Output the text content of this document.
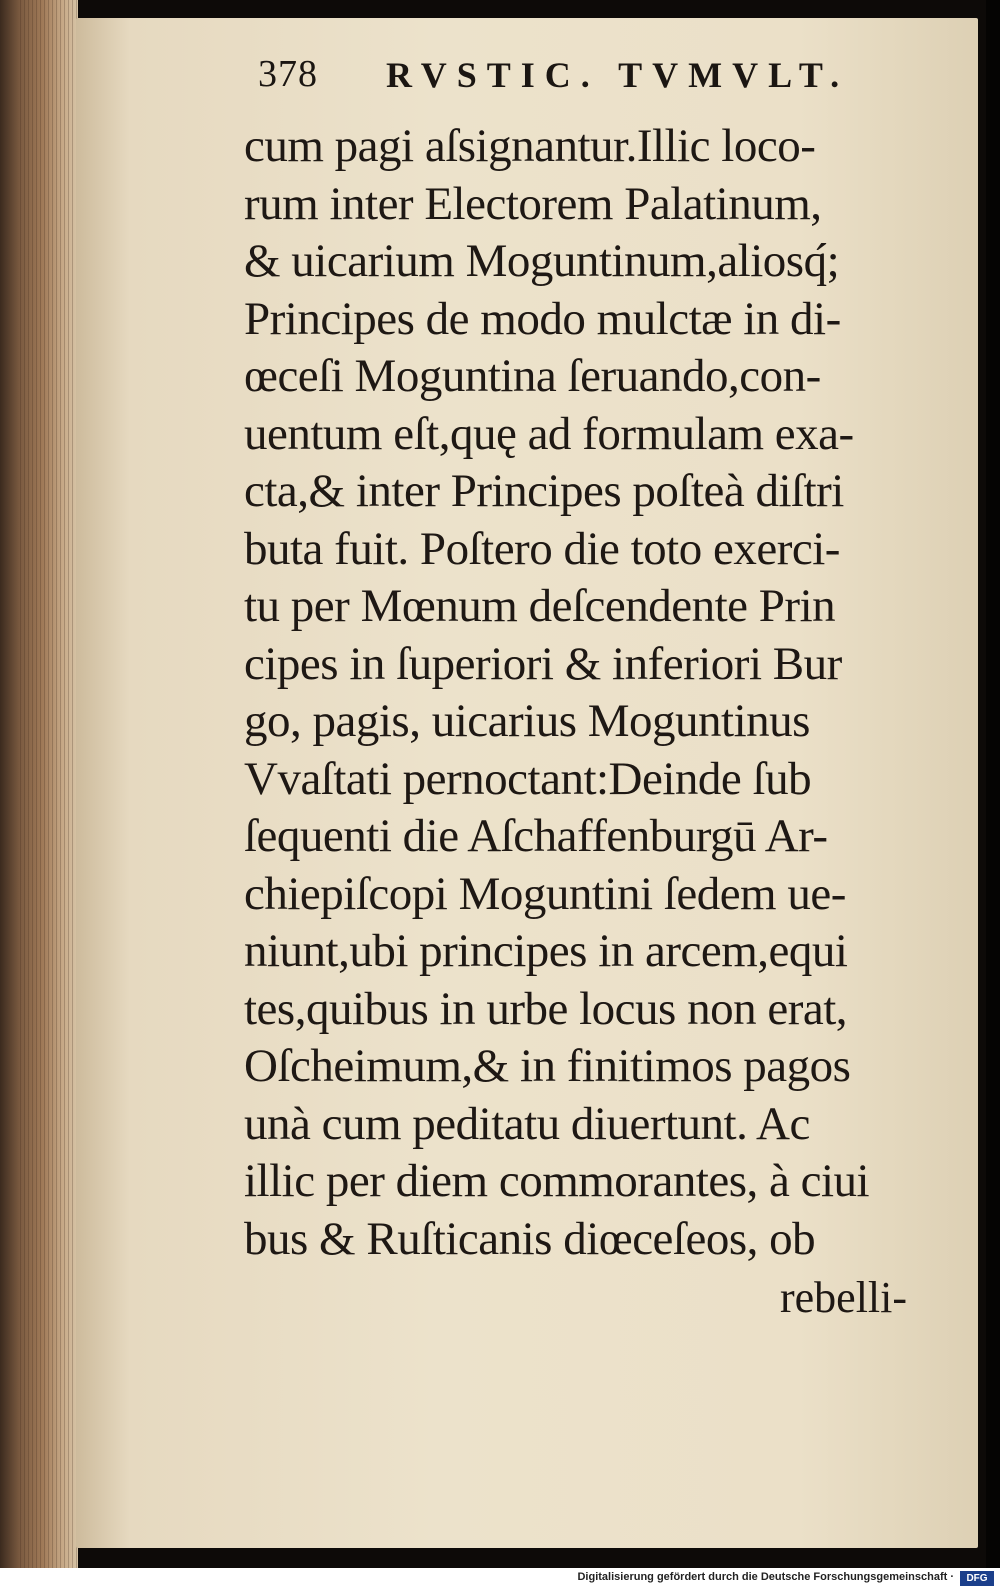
378 RVSTIC. TVMVLT.
cum pagi aſsignantur.Illic loco-
rum inter Electorem Palatinum,
& uicarium Moguntinum,aliosq́;
Principes de modo mulctæ in di-
œceſi Moguntina ſeruando,con-
uentum eſt,quę ad formulam exa-
cta,& inter Principes poſteà diſtri
buta fuit. Poſtero die toto exerci-
tu per Mœnum deſcendente Prin
cipes in ſuperiori & inferiori Bur
go, pagis, uicarius Moguntinus
Vvaſtati pernoctant:Deinde ſub
ſequenti die Aſchaffenburgū Ar-
chiepiſcopi Moguntini ſedem ue-
niunt,ubi principes in arcem,equi
tes,quibus in urbe locus non erat,
Oſcheimum,& in finitimos pagos
unà cum peditatu diuertunt. Ac
illic per diem commorantes, à ciui
bus & Ruſticanis diœceſeos, ob
rebelli-
Digitalisierung gefördert durch die Deutsche Forschungsgemeinschaft ·	DFG
